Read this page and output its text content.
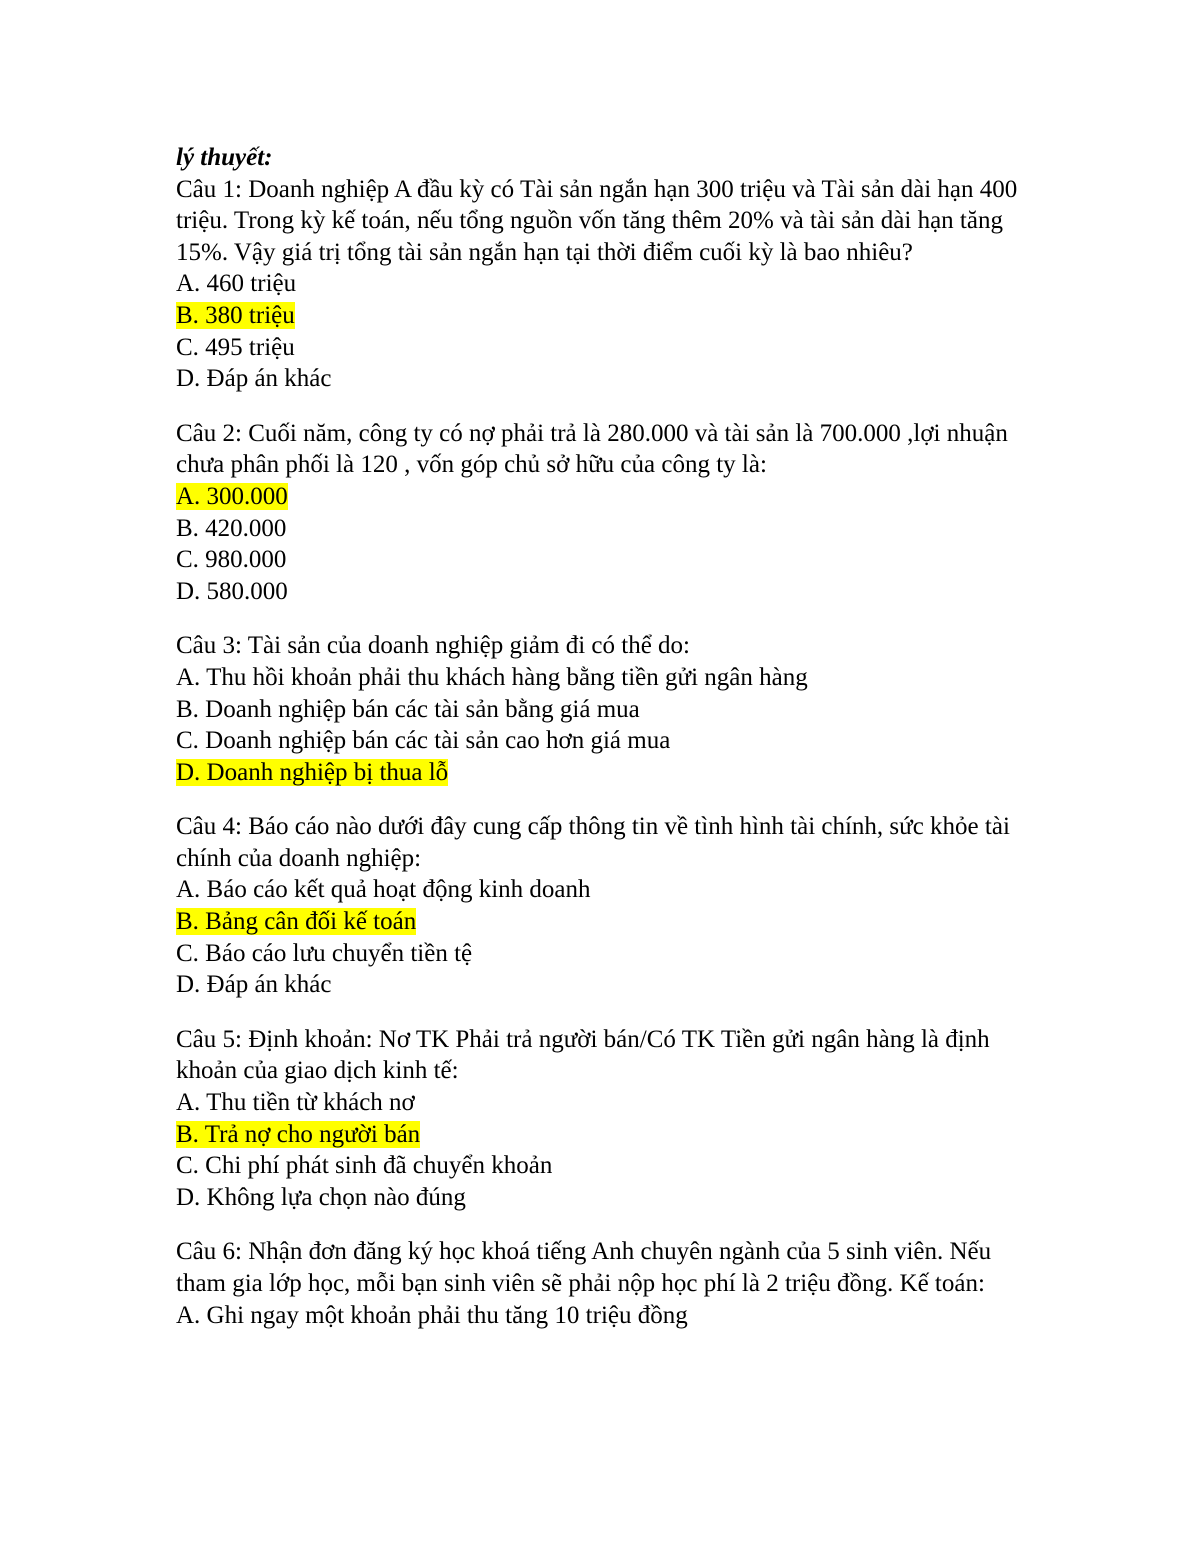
lý thuyết:

Câu 1: Doanh nghiệp A đầu kỳ có Tài sản ngắn hạn 300 triệu và Tài sản dài hạn 400 triệu. Trong kỳ kế toán, nếu tổng nguồn vốn tăng thêm 20% và tài sản dài hạn tăng 15%. Vậy giá trị tổng tài sản ngắn hạn tại thời điểm cuối kỳ là bao nhiêu?

A. 460 triệu

B. 380 triệu

C. 495 triệu

D. Đáp án khác

Câu 2: Cuối năm, công ty có nợ phải trả là 280.000 và tài sản là 700.000 ,lợi nhuận chưa phân phối là 120 , vốn góp chủ sở hữu của công ty là:

A. 300.000

B. 420.000

C. 980.000

D. 580.000

Câu 3: Tài sản của doanh nghiệp giảm đi có thể do:

A. Thu hồi khoản phải thu khách hàng bằng tiền gửi ngân hàng

B. Doanh nghiệp bán các tài sản bằng giá mua

C. Doanh nghiệp bán các tài sản cao hơn giá mua

D. Doanh nghiệp bị thua lỗ

Câu 4: Báo cáo nào dưới đây cung cấp thông tin về tình hình tài chính, sức khỏe tài chính của doanh nghiệp:

A. Báo cáo kết quả hoạt động kinh doanh

B. Bảng cân đối kế toán

C. Báo cáo lưu chuyển tiền tệ

D. Đáp án khác

Câu 5: Định khoản: Nơ TK Phải trả người bán/Có TK Tiền gửi ngân hàng là định khoản của giao dịch kinh tế:

A. Thu tiền từ khách nơ

B. Trả nợ cho người bán

C. Chi phí phát sinh đã chuyển khoản

D. Không lựa chọn nào đúng

Câu 6: Nhận đơn đăng ký học khoá tiếng Anh chuyên ngành của 5 sinh viên. Nếu tham gia lớp học, mỗi bạn sinh viên sẽ phải nộp học phí là 2 triệu đồng. Kế toán:

A. Ghi ngay một khoản phải thu tăng 10 triệu đồng
